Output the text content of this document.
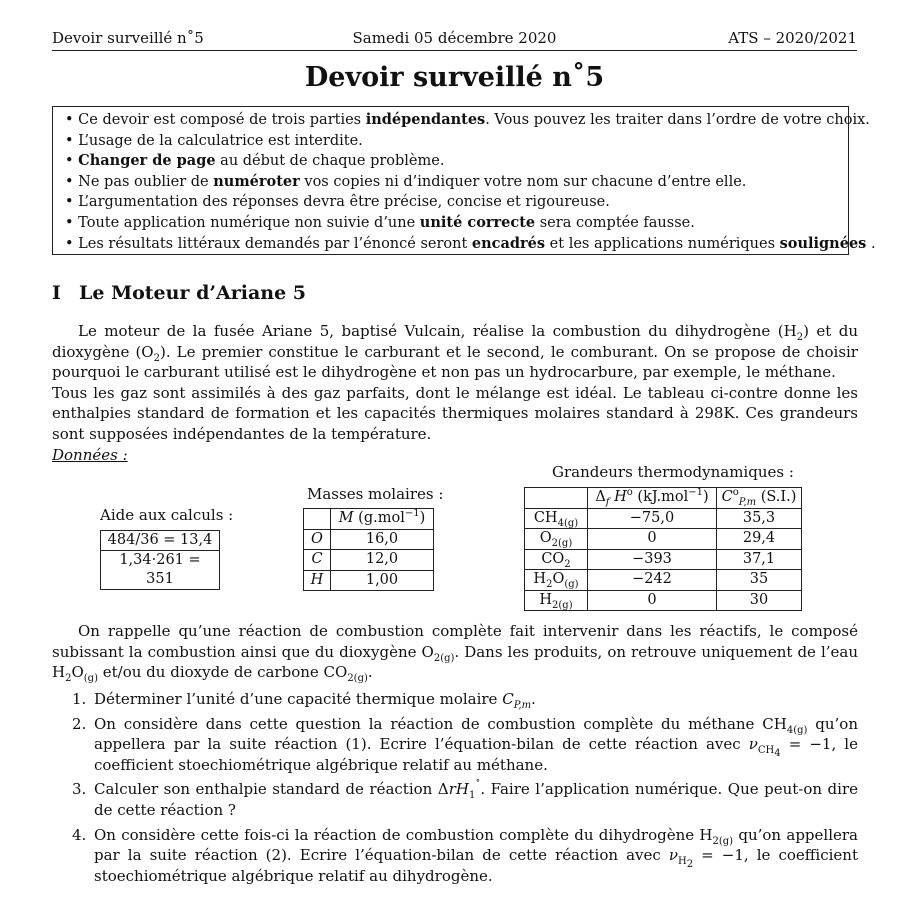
Devoir surveillé n˚5	Samedi 05 décembre 2020	ATS – 2020/2021
Devoir surveillé n˚5
• Ce devoir est composé de trois parties indépendantes. Vous pouvez les traiter dans l’ordre de votre choix.
• L’usage de la calculatrice est interdite.
• Changer de page au début de chaque problème.
• Ne pas oublier de numéroter vos copies ni d’indiquer votre nom sur chacune d’entre elle.
• L’argumentation des réponses devra être précise, concise et rigoureuse.
• Toute application numérique non suivie d’une unité correcte sera comptée fausse.
• Les résultats littéraux demandés par l’énoncé seront encadrés et les applications numériques soulignées .
I Le Moteur d’Ariane 5

Le moteur de la fusée Ariane 5, baptisé Vulcain, réalise la combustion du dihydrogène $(H_2)$ et du dioxygène $(O_2)$. Le premier constitue le carburant et le second, le comburant. On se propose de choisir pourquoi le carburant utilisé est le dihydrogène et non pas un hydrocarbure, par exemple, le méthane.

Tous les gaz sont assimilés à des gaz parfaits, dont le mélange est idéal. Le tableau ci-contre donne les enthalpies standard de formation et les capacités thermiques molaires standard à 298K. Ces grandeurs sont supposées indépendantes de la température.

Données :

Aide aux calculs :
484/36 = 13,4
1,34·261 = 351
Masses molaires :
	M (g.mol$^{-1}$)
O	16,0
C	12,0
H	1,00
Grandeurs thermodynamiques :
	$\Delta_f$ $H^o$ (kJ.mol$^{-1}$)	$C^o_{P,m}$ (S.I.)
$CH_{4(g)}$	−75,0	35,3
$O_{2(g)}$	0	29,4
$CO_2$	−393	37,1
$H_2O_{(g)}$	−242	35
$H_{2(g)}$	0	30

On rappelle qu’une réaction de combustion complète fait intervenir dans les réactifs, le composé subissant la combustion ainsi que du dioxygène $O_{2(g)}$. Dans les produits, on retrouve uniquement de l’eau $H_2O_{(g)}$ et/ou du dioxyde de carbone $CO_{2(g)}$.

1. Déterminer l’unité d’une capacité thermique molaire $C_{P,m}$.
2. On considère dans cette question la réaction de combustion complète du méthane $CH_{4(g)}$ qu’on appellera par la suite réaction (1). Ecrire l’équation-bilan de cette réaction avec $\nu_{CH_4} = -1$, le coefficient stoechiométrique algébrique relatif au méthane.
3. Calculer son enthalpie standard de réaction ΔrH$_1$˚. Faire l’application numérique. Que peut-on dire de cette réaction ?
4. On considère cette fois-ci la réaction de combustion complète du dihydrogène $H_{2(g)}$ qu’on appellera par la suite réaction (2). Ecrire l’équation-bilan de cette réaction avec $\nu_{H_2} = -1$, le coefficient stoechiométrique algébrique relatif au dihydrogène.
